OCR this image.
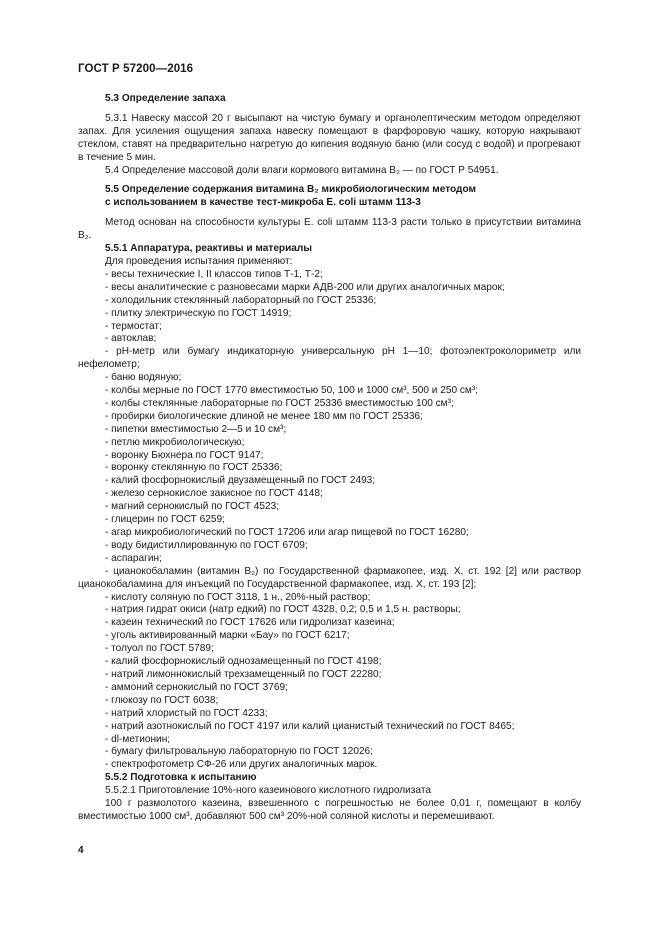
ГОСТ Р 57200—2016

5.3 Определение запаха

5.3.1 Навеску массой 20 г высыпают на чистую бумагу и органолептическим методом определяют запах. Для усиления ощущения запаха навеску помещают в фарфоровую чашку, которую накрывают стеклом, ставят на предварительно нагретую до кипения водяную баню (или сосуд с водой) и прогревают в течение 5 мин.

5.4 Определение массовой доли влаги кормового витамина B₂ — по ГОСТ Р 54951.

5.5 Определение содержания витамина B₂ микробиологическим методом

с использованием в качестве тест-микроба E. coli штамм 113-3

Метод основан на способности культуры E. coli штамм 113-3 расти только в присутствии витамина B₂.

5.5.1 Аппаратура, реактивы и материалы

Для проведения испытания применяют:

- весы технические I, II классов типов Т-1, Т-2;

- весы аналитические с разновесами марки АДВ-200 или других аналогичных марок;

- холодильник стеклянный лабораторный по ГОСТ 25336;

- плитку электрическую по ГОСТ 14919;

- термостат;

- автоклав;

- рН-метр или бумагу индикаторную универсальную рН 1—10; фотоэлектроколориметр или нефелометр;

- баню водяную;

- колбы мерные по ГОСТ 1770 вместимостью 50, 100 и 1000 см³, 500 и 250 см³;

- колбы стеклянные лабораторные по ГОСТ 25336 вместимостью 100 см³;

- пробирки биологические длиной не менее 180 мм по ГОСТ 25336;

- пипетки вместимостью 2—5 и 10 см³;

- петлю микробиологическую;

- воронку Бюхнера по ГОСТ 9147;

- воронку стеклянную по ГОСТ 25336;

- калий фосфорнокислый двузамещенный по ГОСТ 2493;

- железо сернокислое закисное по ГОСТ 4148;

- магний сернокислый по ГОСТ 4523;

- глицерин по ГОСТ 6259;

- агар микробиологический по ГОСТ 17206 или агар пищевой по ГОСТ 16280;

- воду бидистиллированную по ГОСТ 6709;

- аспарагин;

- цианокобаламин (витамин B₂) по Государственной фармакопее, изд. X, ст. 192 [2] или раствор цианокобаламина для инъекций по Государственной фармакопее, изд. X, ст. 193 [2];

- кислоту соляную по ГОСТ 3118, 1 н., 20%-ный раствор;

- натрия гидрат окиси (натр едкий) по ГОСТ 4328, 0,2; 0,5 и 1,5 н. растворы;

- казеин технический по ГОСТ 17626 или гидролизат казеина;

- уголь активированный марки «Бау» по ГОСТ 6217;

- толуол по ГОСТ 5789;

- калий фосфорнокислый однозамещенный по ГОСТ 4198;

- натрий лимоннокислый трехзамещенный по ГОСТ 22280;

- аммоний сернокислый по ГОСТ 3769;

- глюкозу по ГОСТ 6038;

- натрий хлористый по ГОСТ 4233;

- натрий азотнокислый по ГОСТ 4197 или калий цианистый технический по ГОСТ 8465;

- dl-метионин;

- бумагу фильтровальную лабораторную по ГОСТ 12026;

- спектрофотометр СФ-26 или других аналогичных марок.

5.5.2 Подготовка к испытанию

5.5.2.1 Приготовление 10%-ного казеинового кислотного гидролизата

100 г размолотого казеина, взвешенного с погрешностью не более 0,01 г, помещают в колбу вместимостью 1000 см³, добавляют 500 см³ 20%-ной соляной кислоты и перемешивают.

4
